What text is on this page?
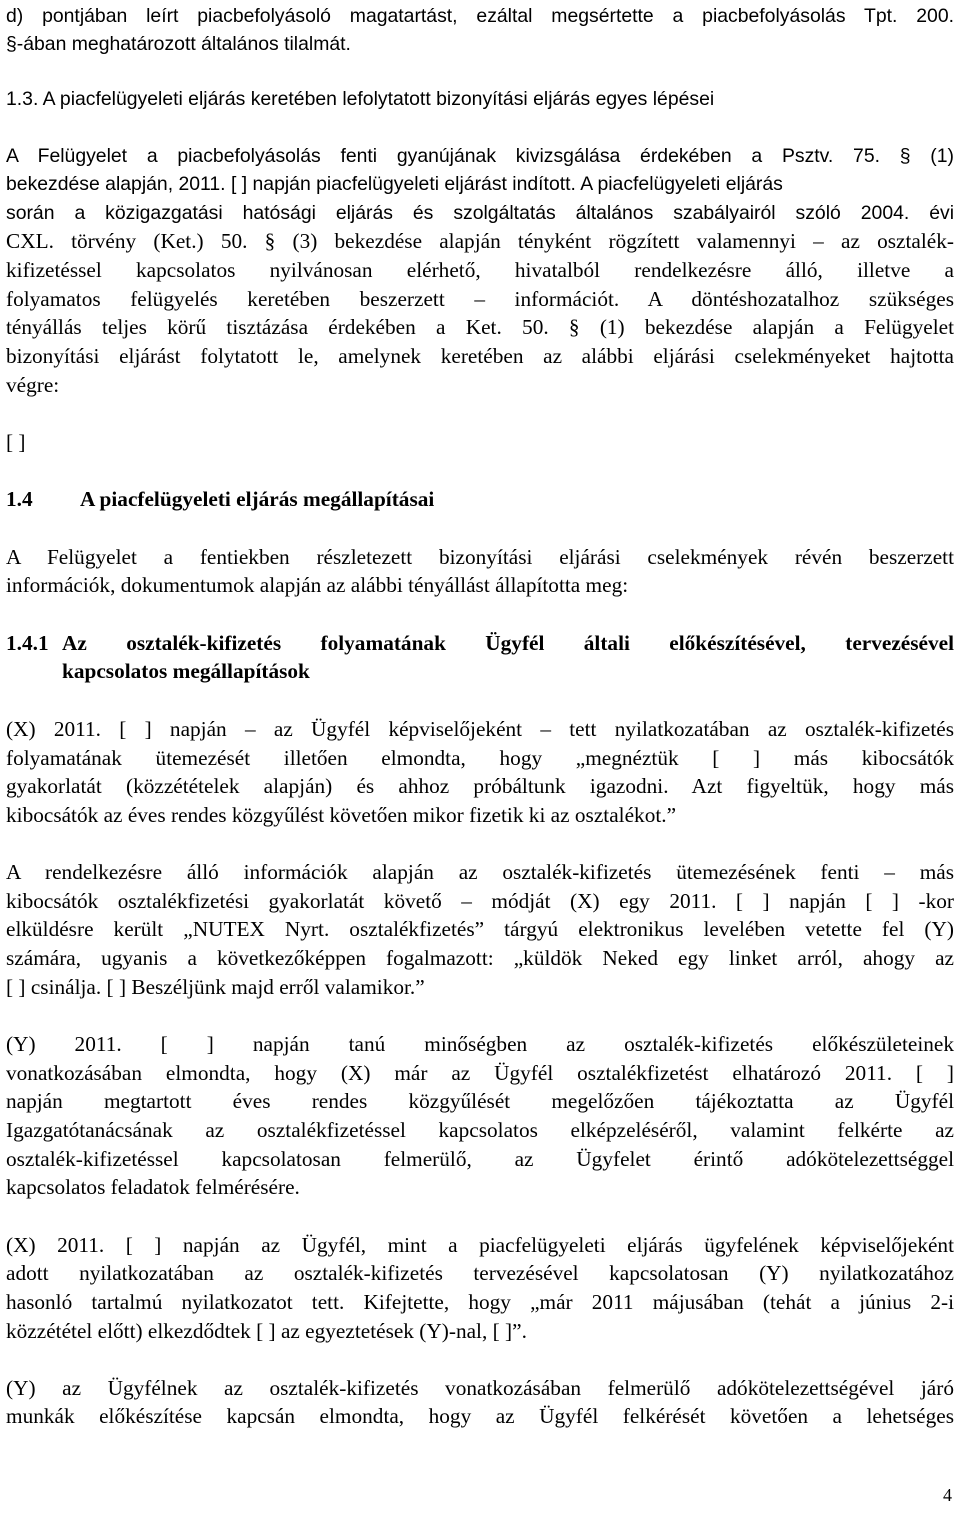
d) pontjában leírt piacbefolyásoló magatartást, ezáltal megsértette a piacbefolyásolás Tpt. 200.
§-ában meghatározott általános tilalmát.
1.3. A piacfelügyeleti eljárás keretében lefolytatott bizonyítási eljárás egyes lépései
A Felügyelet a piacbefolyásolás fenti gyanújának kivizsgálása érdekében a Psztv. 75. § (1)
bekezdése alapján, 2011. [ ] napján piacfelügyeleti eljárást indított. A piacfelügyeleti eljárás
során a közigazgatási hatósági eljárás és szolgáltatás általános szabályairól szóló 2004. évi
CXL. törvény (Ket.) 50. § (3) bekezdése alapján tényként rögzített valamennyi – az osztalék-
kifizetéssel kapcsolatos nyilvánosan elérhető, hivatalból rendelkezésre álló, illetve a
folyamatos felügyelés keretében beszerzett – információt. A döntéshozatalhoz szükséges
tényállás teljes körű tisztázása érdekében a Ket. 50. § (1) bekezdése alapján a Felügyelet
bizonyítási eljárást folytatott le, amelynek keretében az alábbi eljárási cselekményeket hajtotta
végre:
[ ]
1.4	A piacfelügyeleti eljárás megállapításai
A Felügyelet a fentiekben részletezett bizonyítási eljárási cselekmények révén beszerzett
információk, dokumentumok alapján az alábbi tényállást állapította meg:
1.4.1 Az osztalék-kifizetés folyamatának Ügyfél általi előkészítésével, tervezésével
kapcsolatos megállapítások
(X) 2011. [ ] napján – az Ügyfél képviselőjeként – tett nyilatkozatában az osztalék-kifizetés
folyamatának ütemezését illetően elmondta, hogy „megnéztük [ ] más kibocsátók
gyakorlatát (közzétételek alapján) és ahhoz próbáltunk igazodni. Azt figyeltük, hogy más
kibocsátók az éves rendes közgyűlést követően mikor fizetik ki az osztalékot.”
A rendelkezésre álló információk alapján az osztalék-kifizetés ütemezésének fenti – más
kibocsátók osztalékfizetési gyakorlatát követő – módját (X) egy 2011. [ ] napján [ ] -kor
elküldésre került „NUTEX Nyrt. osztalékfizetés” tárgyú elektronikus levelében vetette fel (Y)
számára, ugyanis a következőképpen fogalmazott: „küldök Neked egy linket arról, ahogy az
[ ] csinálja. [ ] Beszéljünk majd erről valamikor.”
(Y) 2011. [ ] napján tanú minőségben az osztalék-kifizetés előkészületeinek
vonatkozásában elmondta, hogy (X) már az Ügyfél osztalékfizetést elhatározó 2011. [ ]
napján megtartott éves rendes közgyűlését megelőzően tájékoztatta az Ügyfél
Igazgatótanácsának az osztalékfizetéssel kapcsolatos elképzeléséről, valamint felkérte az
osztalék-kifizetéssel kapcsolatosan felmerülő, az Ügyfelet érintő adókötelezettséggel
kapcsolatos feladatok felmérésére.
(X) 2011. [ ] napján az Ügyfél, mint a piacfelügyeleti eljárás ügyfelének képviselőjeként
adott nyilatkozatában az osztalék-kifizetés tervezésével kapcsolatosan (Y) nyilatkozatához
hasonló tartalmú nyilatkozatot tett. Kifejtette, hogy „már 2011 májusában (tehát a június 2-i
közzététel előtt) elkezdődtek [ ] az egyeztetések (Y)-nal, [ ]”.
(Y) az Ügyfélnek az osztalék-kifizetés vonatkozásában felmerülő adókötelezettségével járó
munkák előkészítése kapcsán elmondta, hogy az Ügyfél felkérését követően a lehetséges
4
